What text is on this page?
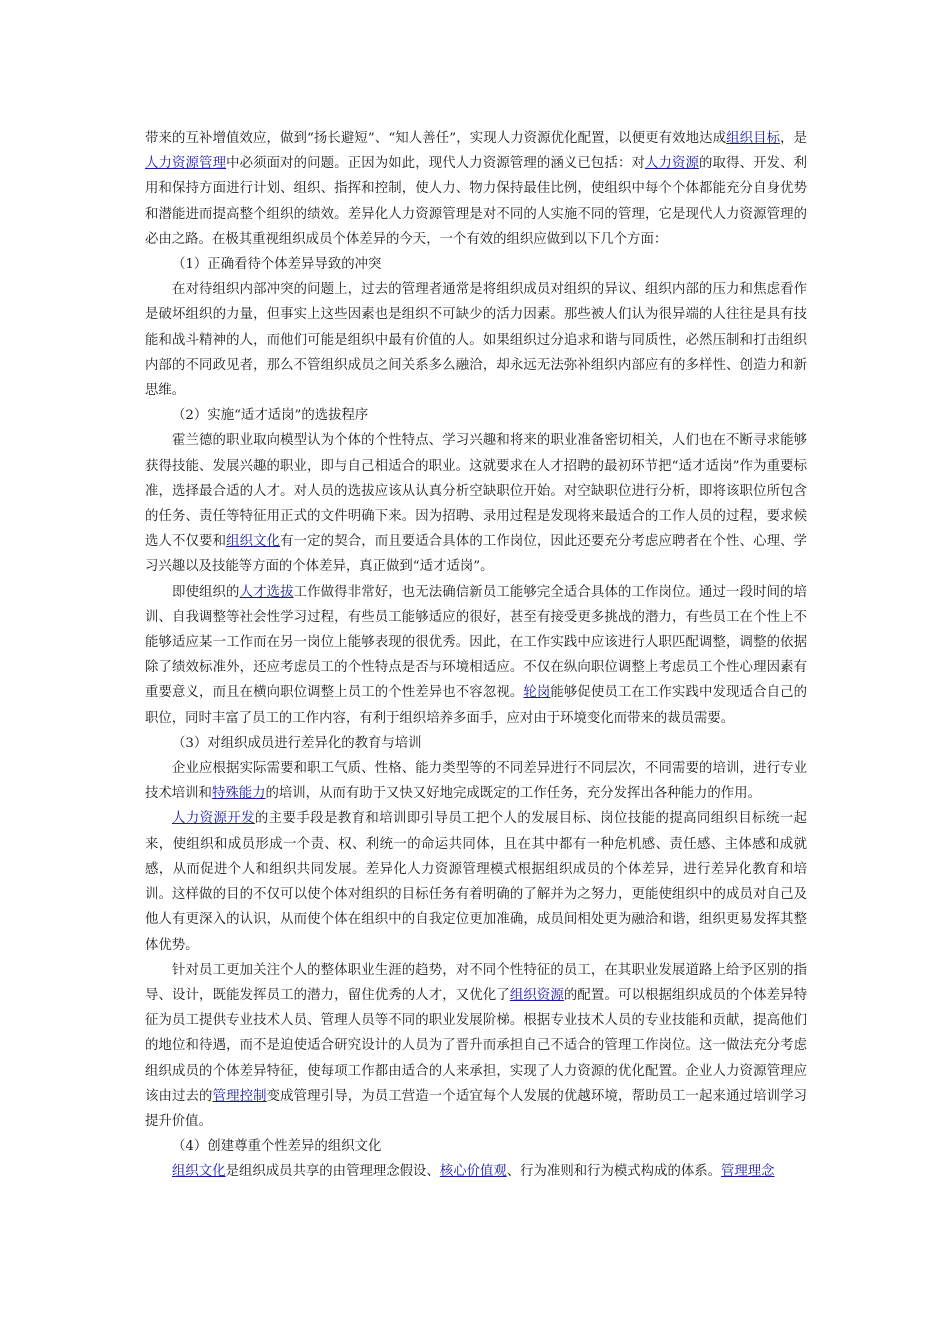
带来的互补增值效应，做到“扬长避短”、“知人善任”，实现人力资源优化配置，以便更有效地达成组织目标，是人力资源管理中必须面对的问题。正因为如此，现代人力资源管理的涵义已包括：对人力资源的取得、开发、利用和保持方面进行计划、组织、指挥和控制，使人力、物力保持最佳比例，使组织中每个个体都能充分自身优势和潜能进而提高整个组织的绩效。差异化人力资源管理是对不同的人实施不同的管理，它是现代人力资源管理的必由之路。在极其重视组织成员个体差异的今天，一个有效的组织应做到以下几个方面：

（1）正确看待个体差异导致的冲突

在对待组织内部冲突的问题上，过去的管理者通常是将组织成员对组织的异议、组织内部的压力和焦虑看作是破坏组织的力量，但事实上这些因素也是组织不可缺少的活力因素。那些被人们认为很异端的人往往是具有技能和战斗精神的人，而他们可能是组织中最有价值的人。如果组织过分追求和谐与同质性，必然压制和打击组织内部的不同政见者，那么不管组织成员之间关系多么融洽，却永远无法弥补组织内部应有的多样性、创造力和新思维。

（2）实施“适才适岗”的选拔程序

霍兰德的职业取向模型认为个体的个性特点、学习兴趣和将来的职业准备密切相关，人们也在不断寻求能够获得技能、发展兴趣的职业，即与自己相适合的职业。这就要求在人才招聘的最初环节把“适才适岗”作为重要标准，选择最合适的人才。对人员的选拔应该从认真分析空缺职位开始。对空缺职位进行分析，即将该职位所包含的任务、责任等特征用正式的文件明确下来。因为招聘、录用过程是发现将来最适合的工作人员的过程，要求候选人不仅要和组织文化有一定的契合，而且要适合具体的工作岗位，因此还要充分考虑应聘者在个性、心理、学习兴趣以及技能等方面的个体差异，真正做到“适才适岗”。

即使组织的人才选拔工作做得非常好，也无法确信新员工能够完全适合具体的工作岗位。通过一段时间的培训、自我调整等社会性学习过程，有些员工能够适应的很好，甚至有接受更多挑战的潜力，有些员工在个性上不能够适应某一工作而在另一岗位上能够表现的很优秀。因此，在工作实践中应该进行人职匹配调整，调整的依据除了绩效标准外，还应考虑员工的个性特点是否与环境相适应。不仅在纵向职位调整上考虑员工个性心理因素有重要意义，而且在横向职位调整上员工的个性差异也不容忽视。轮岗能够促使员工在工作实践中发现适合自己的职位，同时丰富了员工的工作内容，有利于组织培养多面手，应对由于环境变化而带来的裁员需要。

（3）对组织成员进行差异化的教育与培训

企业应根据实际需要和职工气质、性格、能力类型等的不同差异进行不同层次，不同需要的培训，进行专业技术培训和特殊能力的培训，从而有助于又快又好地完成既定的工作任务，充分发挥出各种能力的作用。

人力资源开发的主要手段是教育和培训即引导员工把个人的发展目标、岗位技能的提高同组织目标统一起来，使组织和成员形成一个责、权、利统一的命运共同体，且在其中都有一种危机感、责任感、主体感和成就感，从而促进个人和组织共同发展。差异化人力资源管理模式根据组织成员的个体差异，进行差异化教育和培训。这样做的目的不仅可以使个体对组织的目标任务有着明确的了解并为之努力，更能使组织中的成员对自己及他人有更深入的认识，从而使个体在组织中的自我定位更加准确，成员间相处更为融洽和谐，组织更易发挥其整体优势。

针对员工更加关注个人的整体职业生涯的趋势，对不同个性特征的员工，在其职业发展道路上给予区别的指导、设计，既能发挥员工的潜力，留住优秀的人才，又优化了组织资源的配置。可以根据组织成员的个体差异特征为员工提供专业技术人员、管理人员等不同的职业发展阶梯。根据专业技术人员的专业技能和贡献，提高他们的地位和待遇，而不是迫使适合研究设计的人员为了晋升而承担自己不适合的管理工作岗位。这一做法充分考虑组织成员的个体差异特征，使每项工作都由适合的人来承担，实现了人力资源的优化配置。企业人力资源管理应该由过去的管理控制变成管理引导，为员工营造一个适宜每个人发展的优越环境，帮助员工一起来通过培训学习提升价值。

（4）创建尊重个性差异的组织文化

组织文化是组织成员共享的由管理理念假设、核心价值观、行为准则和行为模式构成的体系。管理理念
